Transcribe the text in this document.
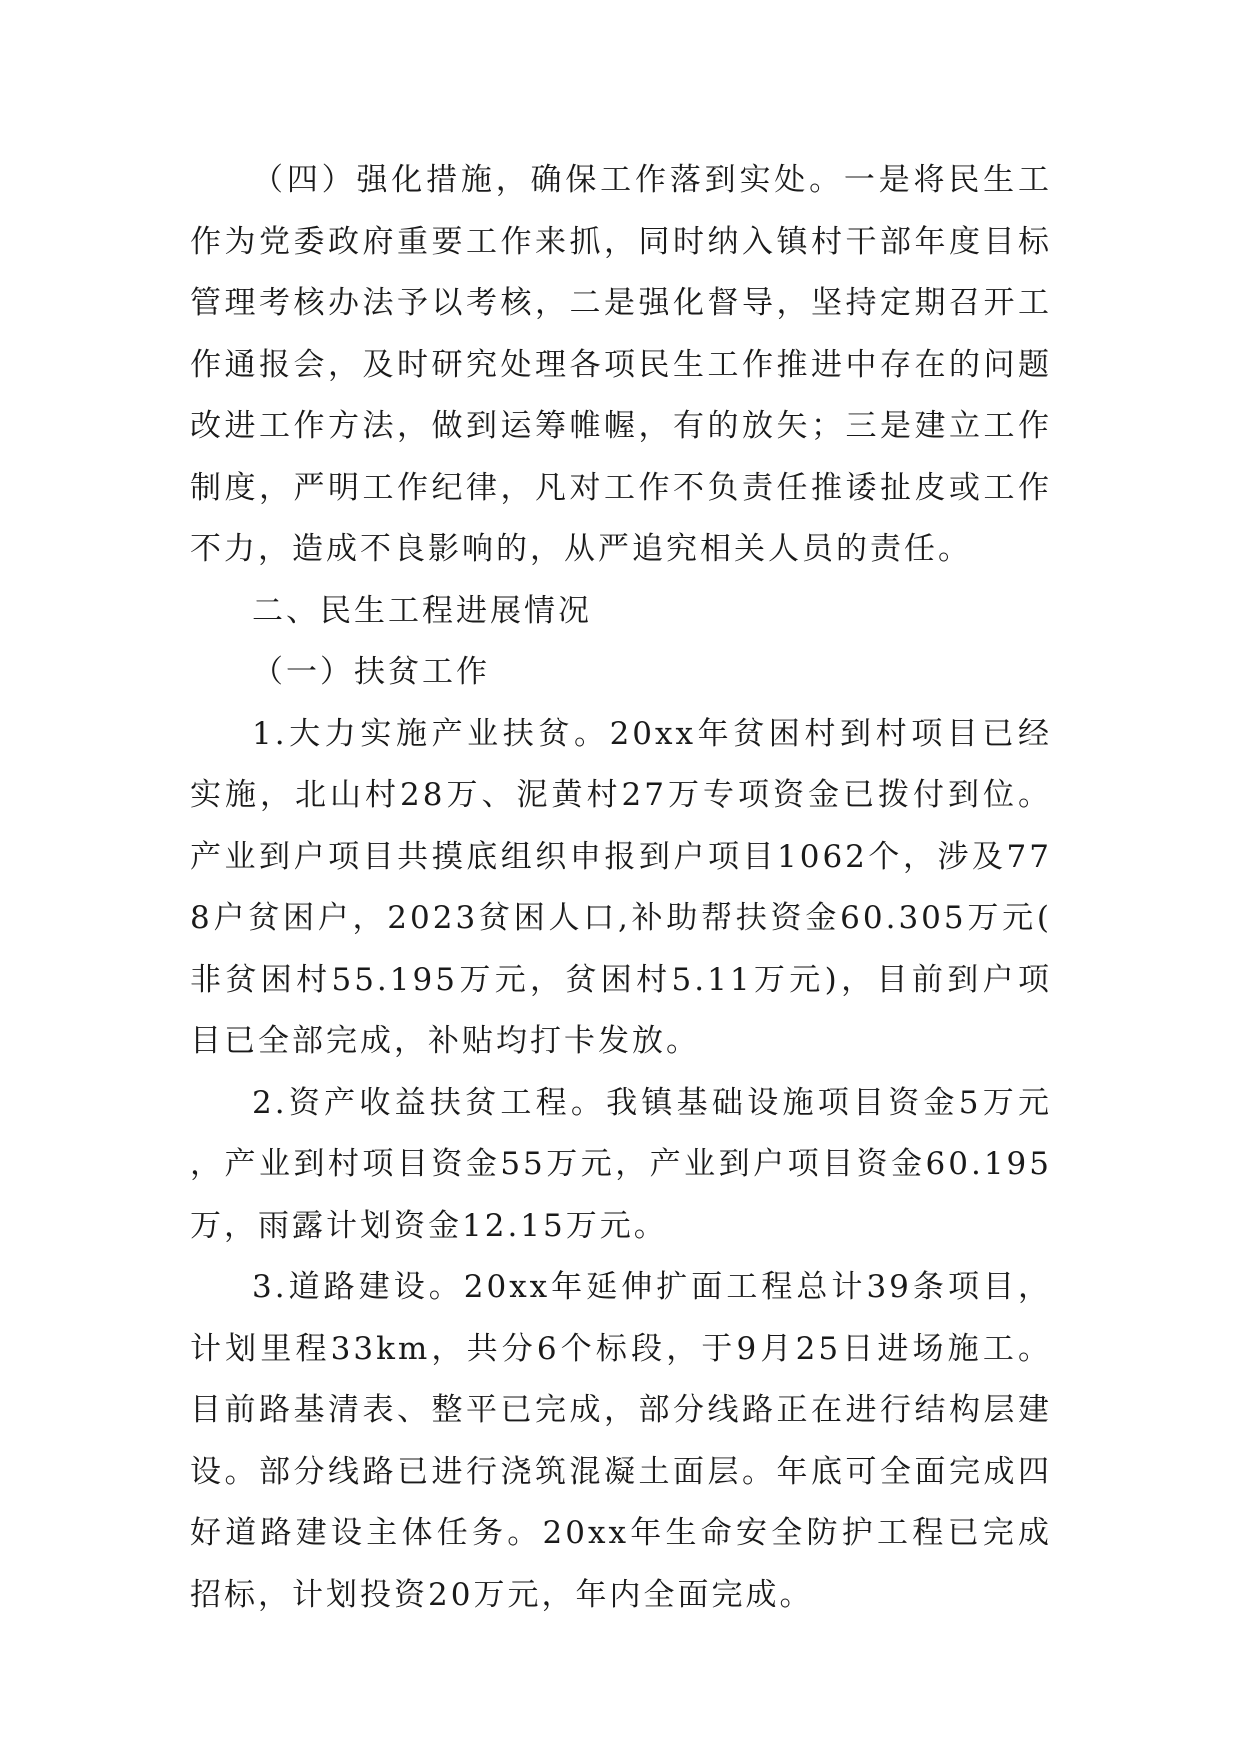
（四）强化措施，确保工作落到实处。一是将民生工作为党委政府重要工作来抓，同时纳入镇村干部年度目标管理考核办法予以考核，二是强化督导，坚持定期召开工作通报会，及时研究处理各项民生工作推进中存在的问题改进工作方法，做到运筹帷幄，有的放矢；三是建立工作制度，严明工作纪律，凡对工作不负责任推诿扯皮或工作不力，造成不良影响的，从严追究相关人员的责任。

二、民生工程进展情况

（一）扶贫工作

1.大力实施产业扶贫。20xx年贫困村到村项目已经实施，北山村28万、泥黄村27万专项资金已拨付到位。产业到户项目共摸底组织申报到户项目1062个，涉及778户贫困户，2023贫困人口,补助帮扶资金60.305万元(非贫困村55.195万元，贫困村5.11万元)，目前到户项目已全部完成，补贴均打卡发放。

2.资产收益扶贫工程。我镇基础设施项目资金5万元，产业到村项目资金55万元，产业到户项目资金60.195万，雨露计划资金12.15万元。

3.道路建设。20xx年延伸扩面工程总计39条项目，计划里程33km，共分6个标段，于9月25日进场施工。目前路基清表、整平已完成，部分线路正在进行结构层建设。部分线路已进行浇筑混凝土面层。年底可全面完成四好道路建设主体任务。20xx年生命安全防护工程已完成招标，计划投资20万元，年内全面完成。
